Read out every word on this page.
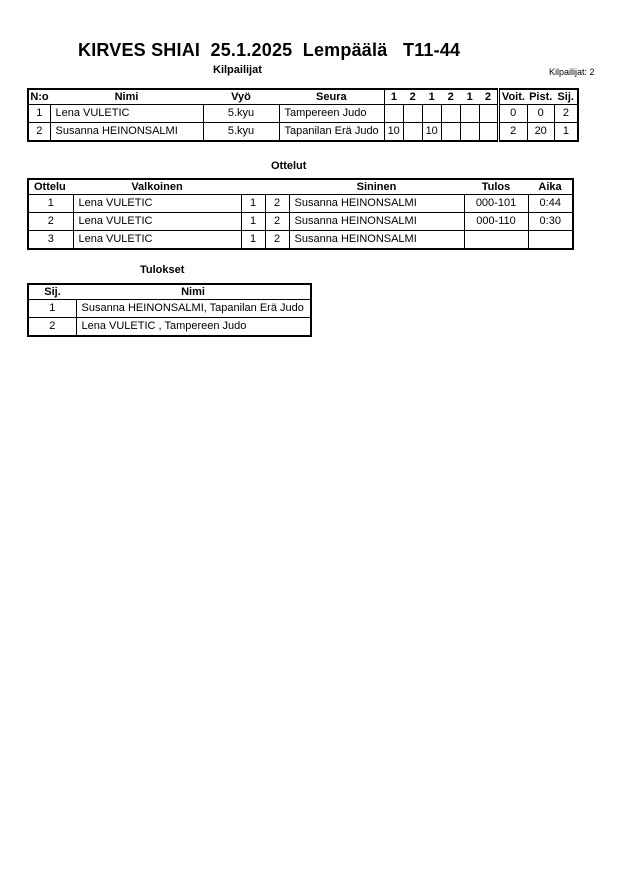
KIRVES SHIAI  25.1.2025  Lempäälä   T11-44
Kilpailijat	Kilpailijat: 2
N:o	Nimi	Vyö	Seura	1	2	1	2	1	2	Voit.	Pist.	Sij.
1	Lena VULETIC	5.kyu	Tampereen Judo							0	0	2
2	Susanna HEINONSALMI	5.kyu	Tapanilan Erä Judo	10		10				2	20	1
Ottelut
Ottelu	Valkoinen			Sininen	Tulos	Aika
1	Lena VULETIC	1	2	Susanna HEINONSALMI	000-101	0:44
2	Lena VULETIC	1	2	Susanna HEINONSALMI	000-110	0:30
3	Lena VULETIC	1	2	Susanna HEINONSALMI		
Tulokset
Sij.	Nimi
1	Susanna HEINONSALMI, Tapanilan Erä Judo
2	Lena VULETIC , Tampereen Judo
